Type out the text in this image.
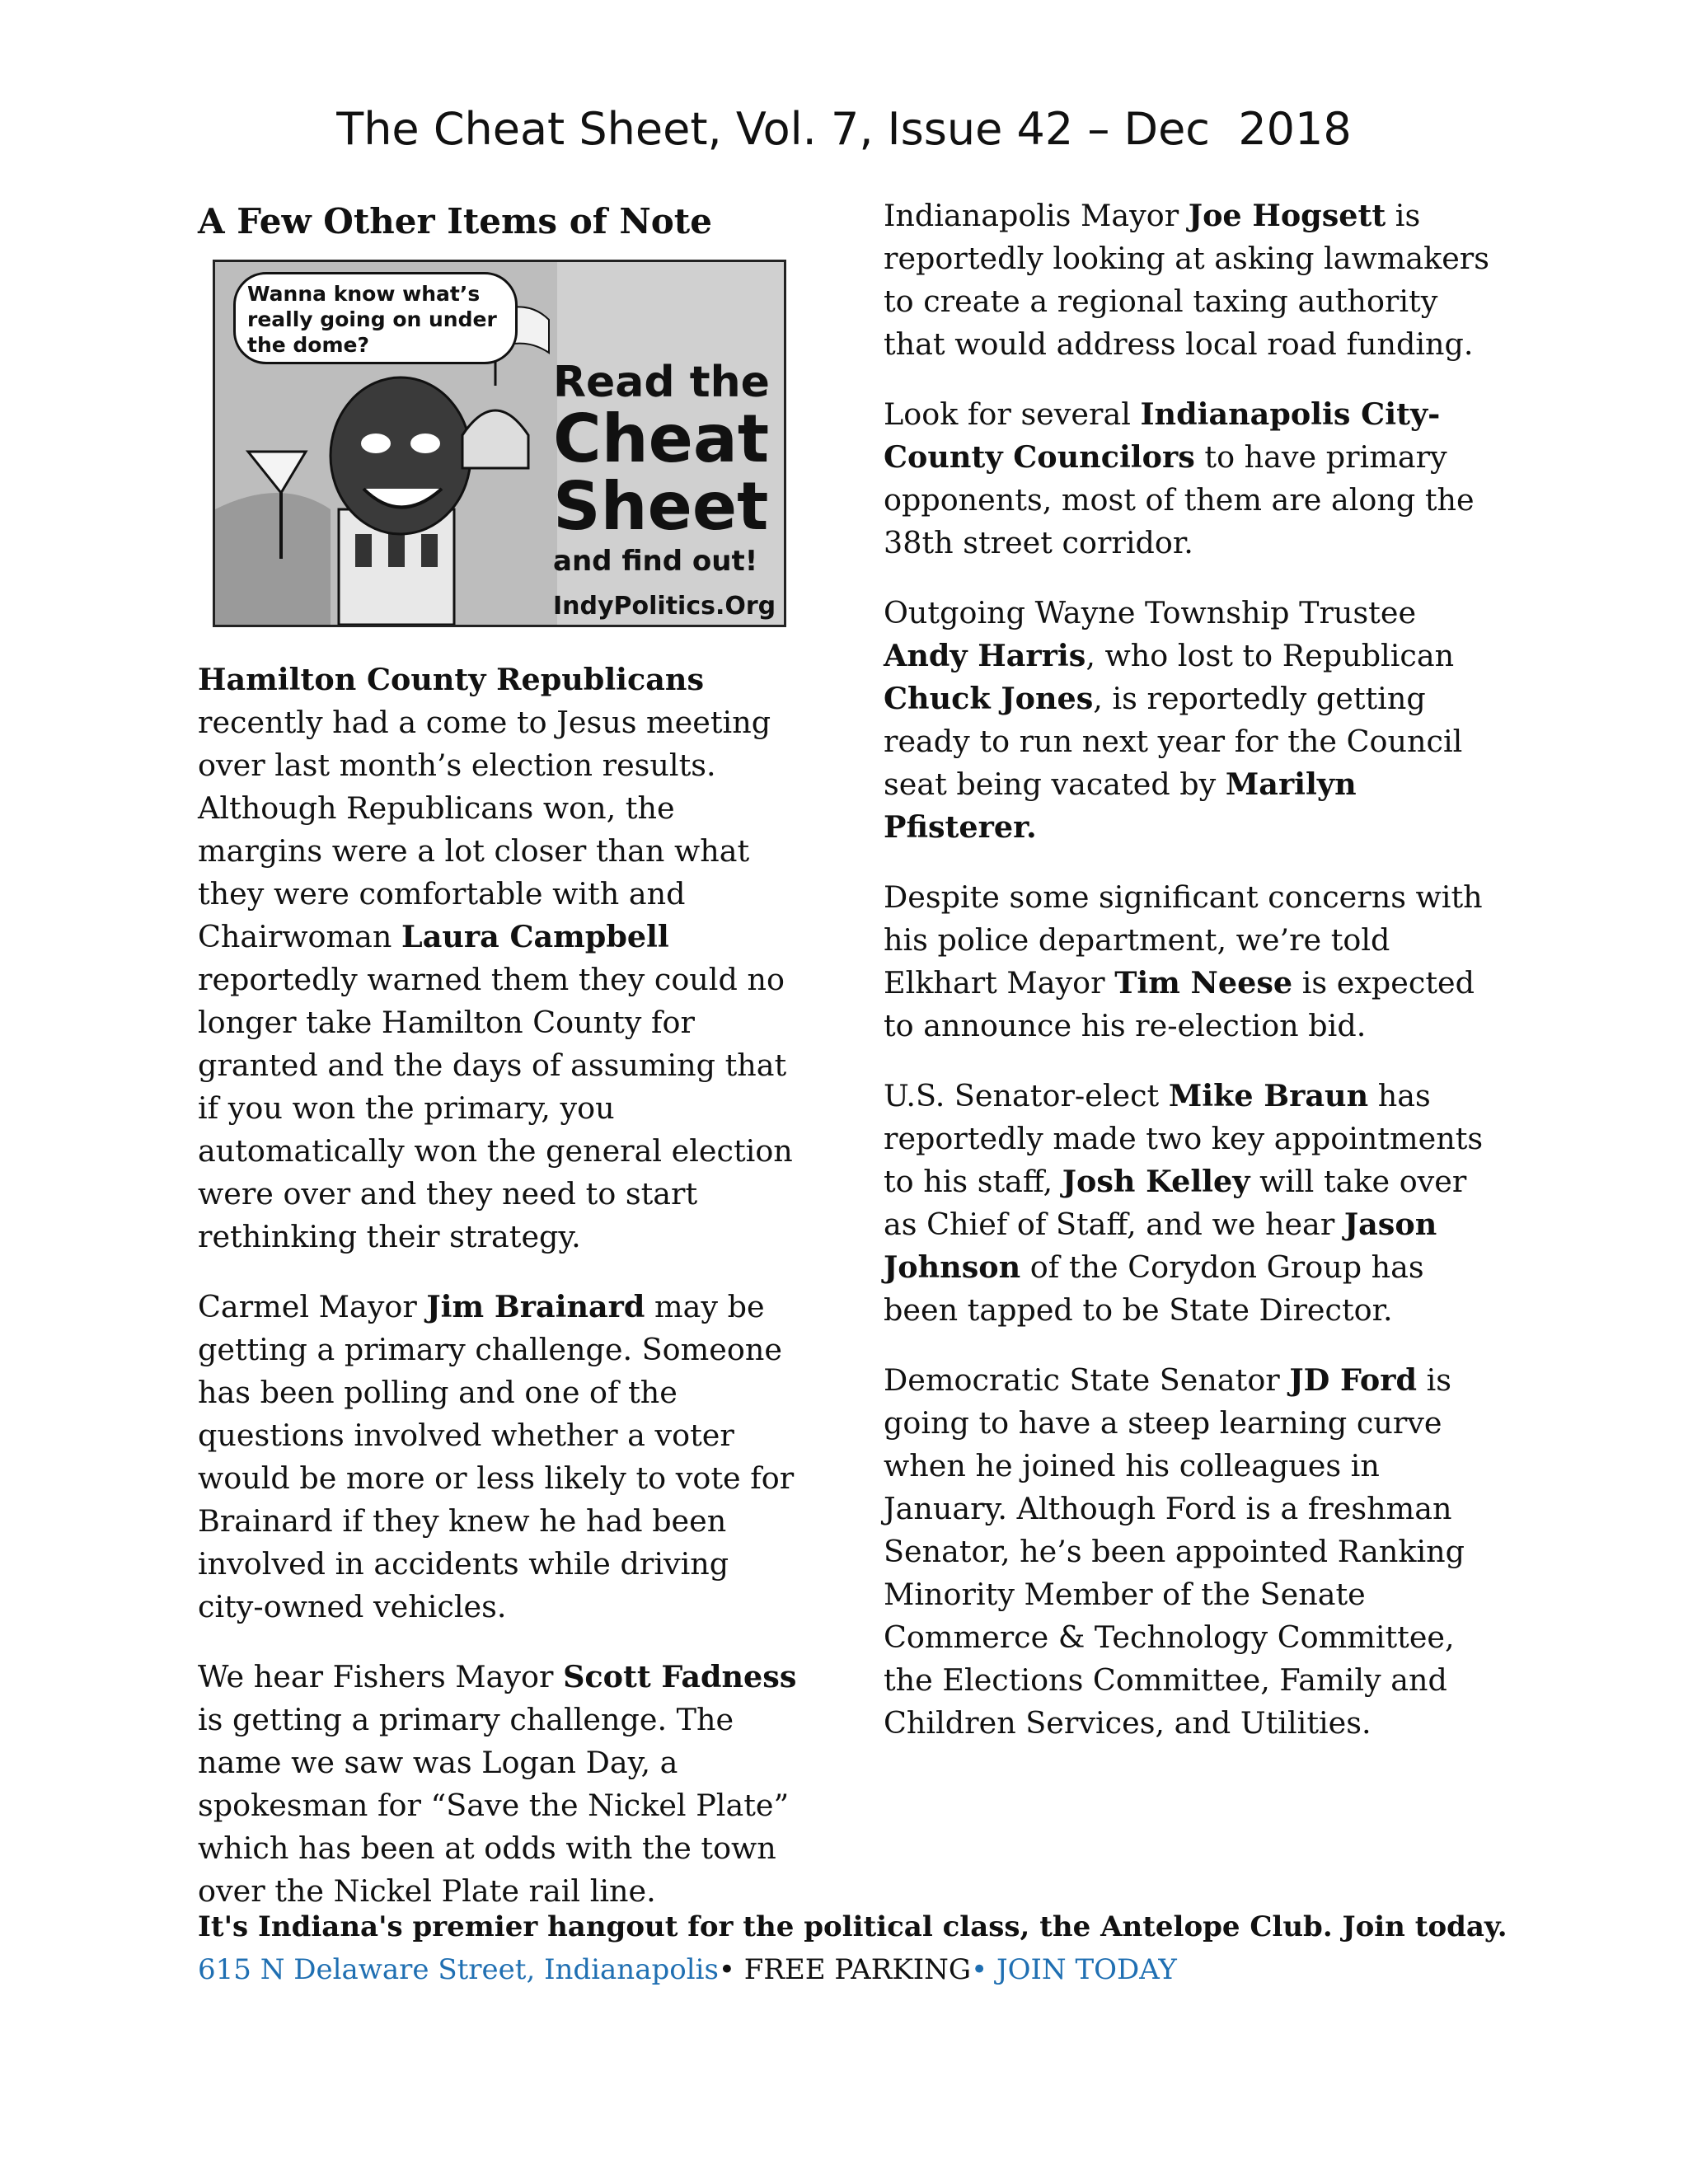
The Cheat Sheet, Vol. 7, Issue 42 – Dec  2018
A Few Other Items of Note
Wanna know what’s really going on under the dome?
Read the
Cheat
Sheet
and find out!
IndyPolitics.Org

Hamilton County Republicans recently had a come to Jesus meeting over last month’s election results. Although Republicans won, the margins were a lot closer than what they were comfortable with and Chairwoman Laura Campbell reportedly warned them they could no longer take Hamilton County for granted and the days of assuming that if you won the primary, you automatically won the general election were over and they need to start rethinking their strategy.

Carmel Mayor Jim Brainard may be getting a primary challenge. Someone has been polling and one of the questions involved whether a voter would be more or less likely to vote for Brainard if they knew he had been involved in accidents while driving city-owned vehicles.

We hear Fishers Mayor Scott Fadness is getting a primary challenge. The name we saw was Logan Day, a spokesman for “Save the Nickel Plate” which has been at odds with the town over the Nickel Plate rail line.

Indianapolis Mayor Joe Hogsett is reportedly looking at asking lawmakers to create a regional taxing authority that would address local road funding.

Look for several Indianapolis City-County Councilors to have primary opponents, most of them are along the 38th street corridor.

Outgoing Wayne Township Trustee Andy Harris, who lost to Republican Chuck Jones, is reportedly getting ready to run next year for the Council seat being vacated by Marilyn Pfisterer.

Despite some significant concerns with his police department, we’re told Elkhart Mayor Tim Neese is expected to announce his re-election bid.

U.S. Senator-elect Mike Braun has reportedly made two key appointments to his staff, Josh Kelley will take over as Chief of Staff, and we hear Jason Johnson of the Corydon Group has been tapped to be State Director.

Democratic State Senator JD Ford is going to have a steep learning curve when he joined his colleagues in January. Although Ford is a freshman Senator, he’s been appointed Ranking Minority Member of the Senate Commerce & Technology Committee, the Elections Committee, Family and Children Services, and Utilities.

It's Indiana's premier hangout for the political class, the Antelope Club. Join today. 615 N Delaware Street, Indianapolis• FREE PARKING• JOIN TODAY
